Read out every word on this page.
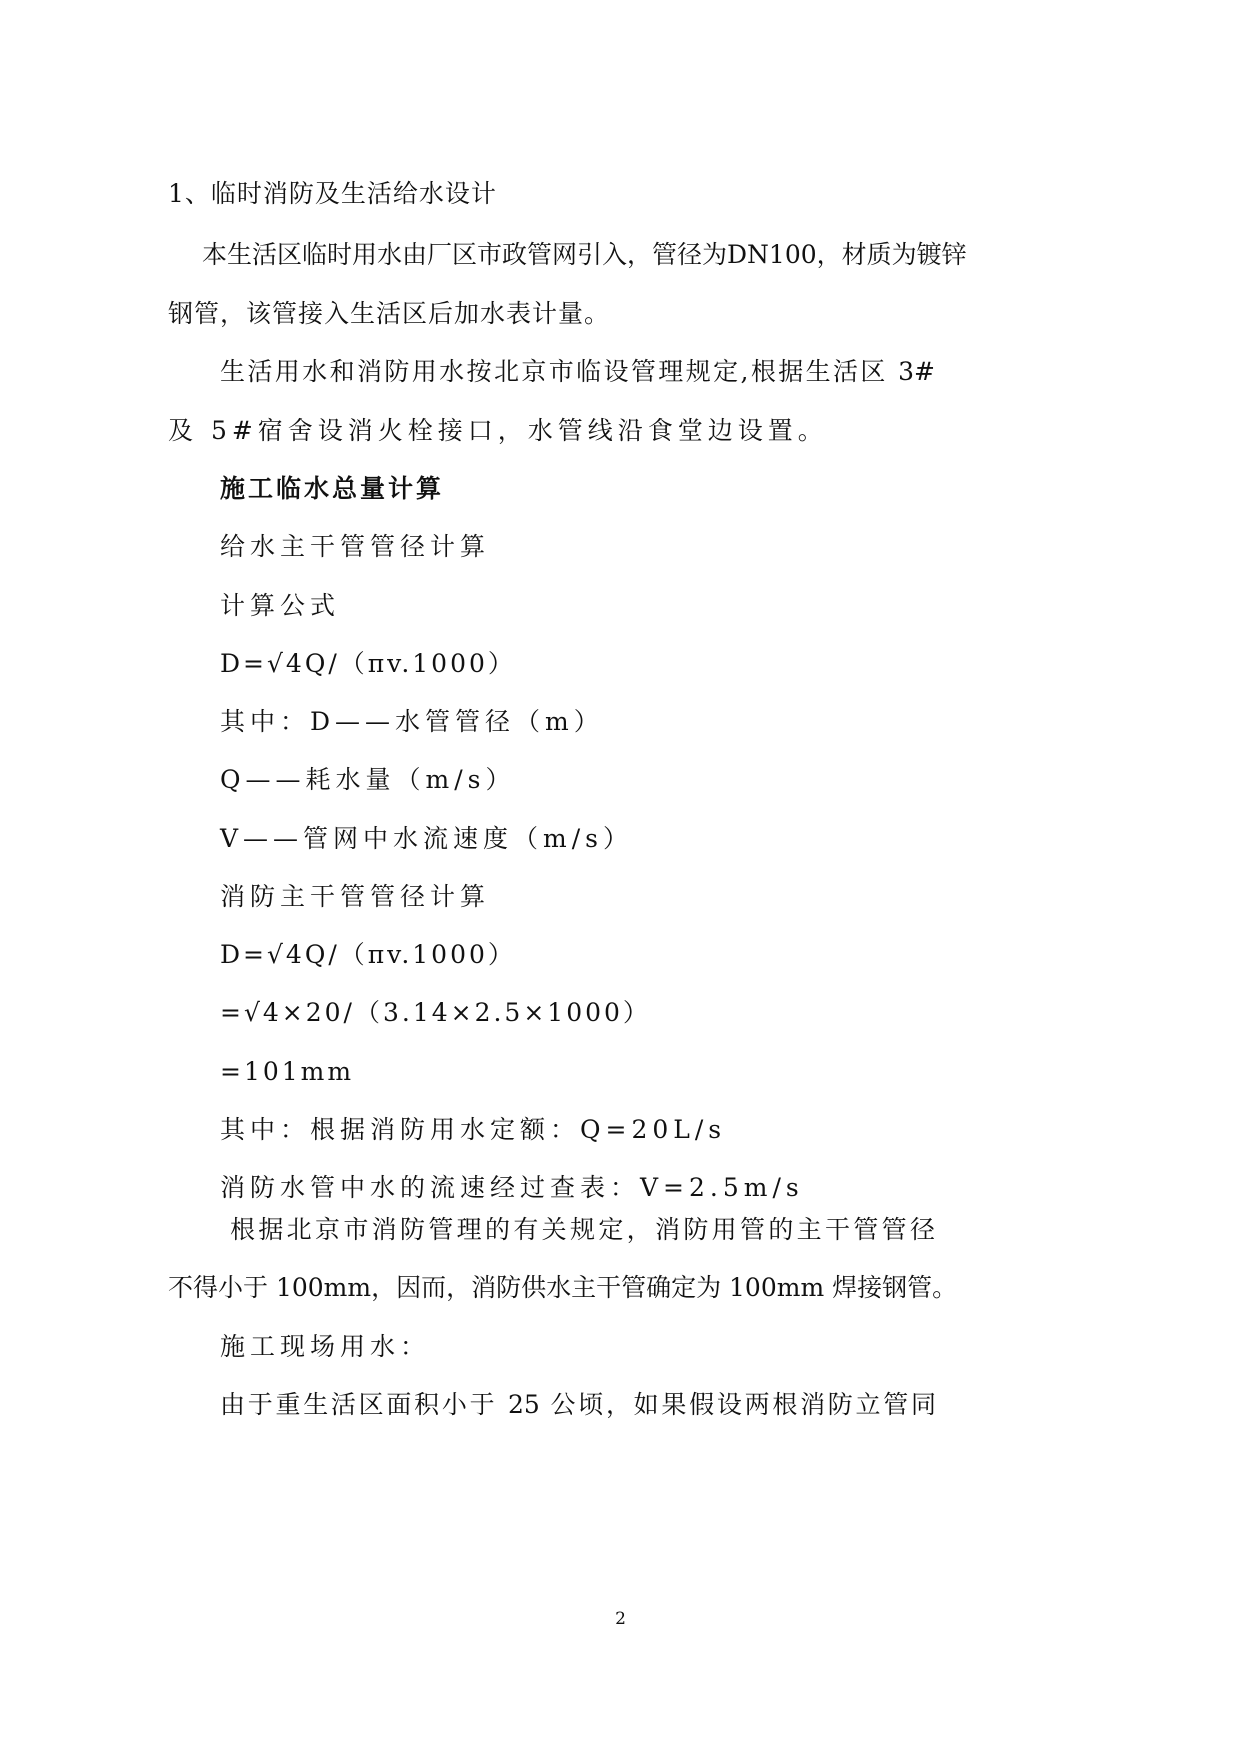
1、临时消防及生活给水设计
本生活区临时用水由厂区市政管网引入，管径为DN100，材质为镀锌
钢管，该管接入生活区后加水表计量。
生活用水和消防用水按北京市临设管理规定,根据生活区 3#
及 5#宿舍设消火栓接口，水管线沿食堂边设置。
施工临水总量计算
给水主干管管径计算
计算公式
D=√4Q/（πv.1000）
其中：D——水管管径（m）
Q——耗水量（m/s）
V——管网中水流速度（m/s）
消防主干管管径计算
D=√4Q/（πv.1000）
=√4×20/（3.14×2.5×1000）
=101mm
其中：根据消防用水定额：Q=20L/s
消防水管中水的流速经过查表：V=2.5m/s
根据北京市消防管理的有关规定，消防用管的主干管管径
不得小于 100mm，因而，消防供水主干管确定为 100mm 焊接钢管。
施工现场用水：
由于重生活区面积小于 25 公顷，如果假设两根消防立管同
2
